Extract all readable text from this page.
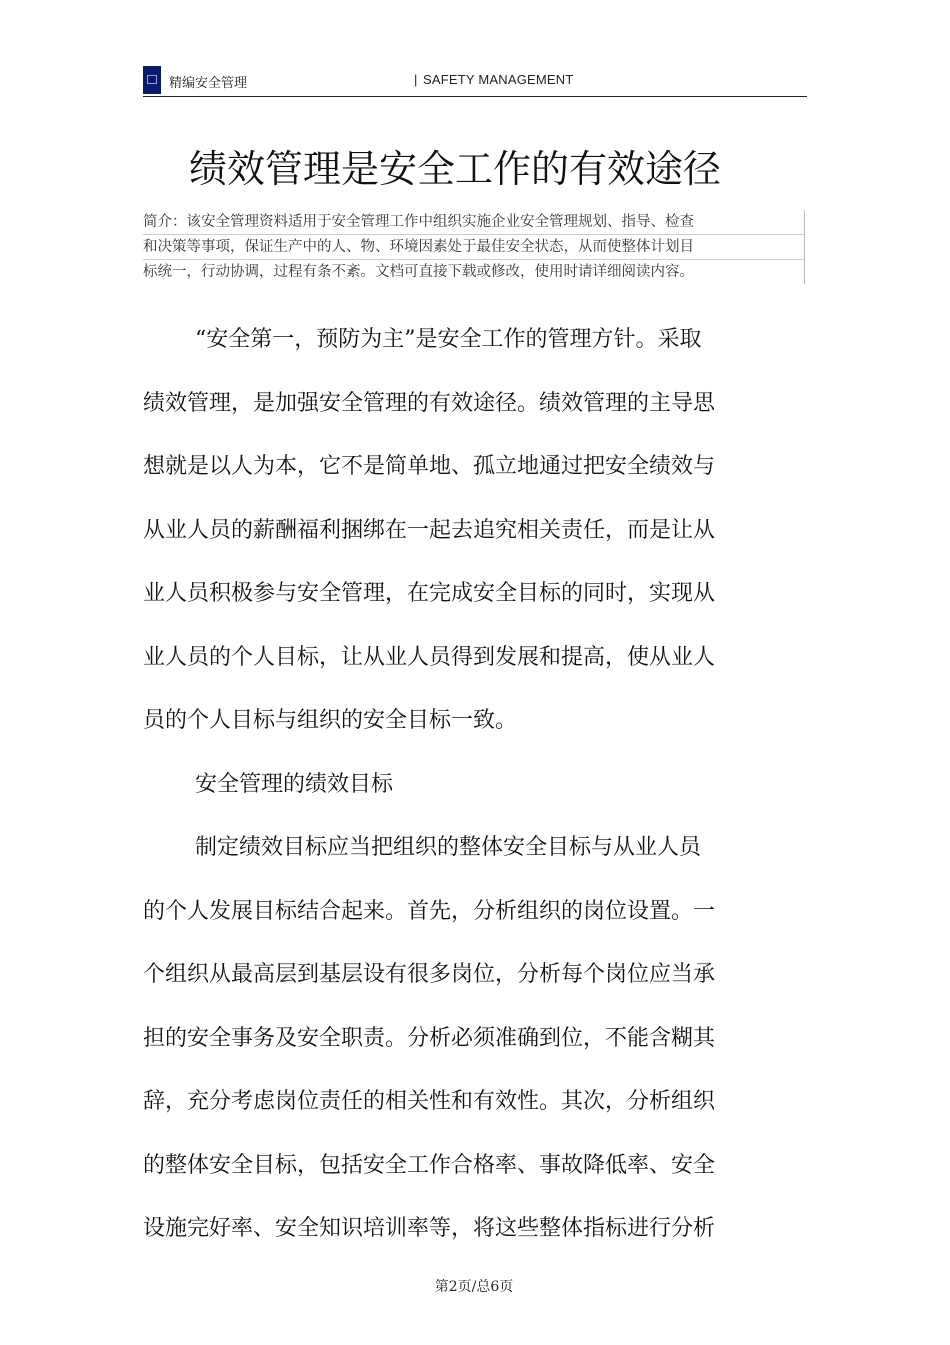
精编安全管理	| SAFETY MANAGEMENT
绩效管理是安全工作的有效途径
简介：该安全管理资料适用于安全管理工作中组织实施企业安全管理规划、指导、检查
和决策等事项，保证生产中的人、物、环境因素处于最佳安全状态，从而使整体计划目
标统一，行动协调，过程有条不紊。文档可直接下载或修改，使用时请详细阅读内容。
“安全第一，预防为主”是安全工作的管理方针。采取
绩效管理，是加强安全管理的有效途径。绩效管理的主导思
想就是以人为本，它不是简单地、孤立地通过把安全绩效与
从业人员的薪酬福利捆绑在一起去追究相关责任，而是让从
业人员积极参与安全管理，在完成安全目标的同时，实现从
业人员的个人目标，让从业人员得到发展和提高，使从业人
员的个人目标与组织的安全目标一致。
安全管理的绩效目标
制定绩效目标应当把组织的整体安全目标与从业人员
的个人发展目标结合起来。首先，分析组织的岗位设置。一
个组织从最高层到基层设有很多岗位，分析每个岗位应当承
担的安全事务及安全职责。分析必须准确到位，不能含糊其
辞，充分考虑岗位责任的相关性和有效性。其次，分析组织
的整体安全目标，包括安全工作合格率、事故降低率、安全
设施完好率、安全知识培训率等，将这些整体指标进行分析
第2页/总6页
